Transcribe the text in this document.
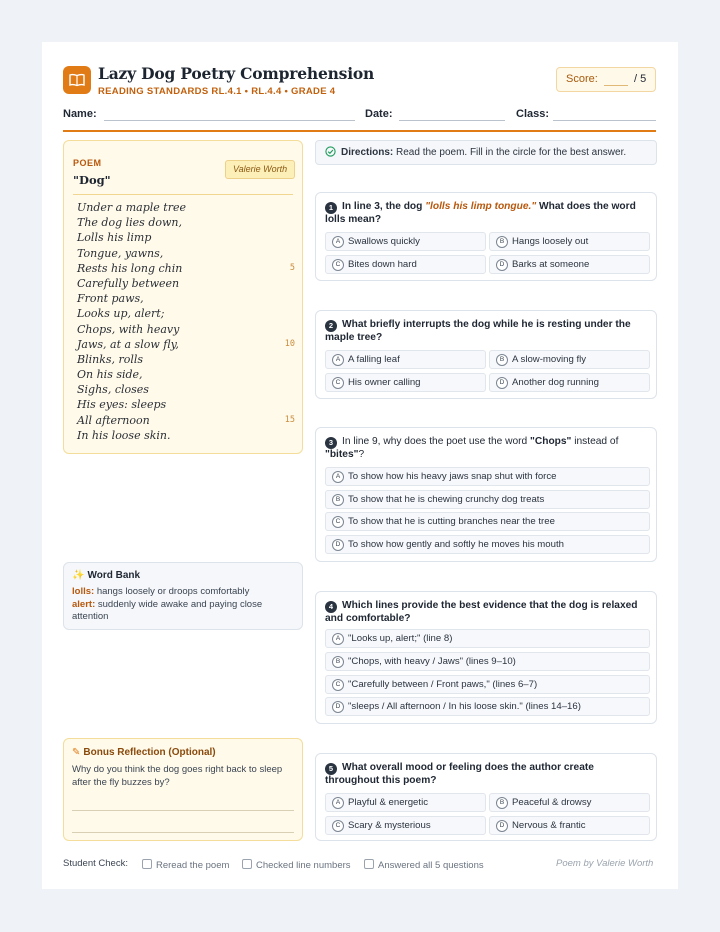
Lazy Dog Poetry Comprehension
READING STANDARDS RL.4.1 • RL.4.4 • GRADE 4
Score:	/ 5
Name:	Date:	Class:
POEM
"Dog"
Valerie Worth
Under a maple tree
The dog lies down,
Lolls his limp
Tongue, yawns,
Rests his long chin	5
Carefully between
Front paws,
Looks up, alert;
Chops, with heavy
Jaws, at a slow fly,	10
Blinks, rolls
On his side,
Sighs, closes
His eyes: sleeps
All afternoon	15
In his loose skin.
✨ Word Bank
lolls: hangs loosely or droops comfortably
alert: suddenly wide awake and paying close attention
✎ Bonus Reflection (Optional)
Why do you think the dog goes right back to sleep after the fly buzzes by?
Directions: Read the poem. Fill in the circle for the best answer.
1 In line 3, the dog "lolls his limp tongue." What does the word lolls mean?
A Swallows quickly	B Hangs loosely out
C Bites down hard	D Barks at someone
2 What briefly interrupts the dog while he is resting under the maple tree?
A A falling leaf	B A slow-moving fly
C His owner calling	D Another dog running
3 In line 9, why does the poet use the word "Chops" instead of "bites"?
A To show how his heavy jaws snap shut with force
B To show that he is chewing crunchy dog treats
C To show that he is cutting branches near the tree
D To show how gently and softly he moves his mouth
4 Which lines provide the best evidence that the dog is relaxed and comfortable?
A "Looks up, alert;" (line 8)
B "Chops, with heavy / Jaws" (lines 9–10)
C "Carefully between / Front paws," (lines 6–7)
D "sleeps / All afternoon / In his loose skin." (lines 14–16)
5 What overall mood or feeling does the author create throughout this poem?
A Playful & energetic	B Peaceful & drowsy
C Scary & mysterious	D Nervous & frantic
Student Check:	Reread the poem	Checked line numbers	Answered all 5 questions	Poem by Valerie Worth
